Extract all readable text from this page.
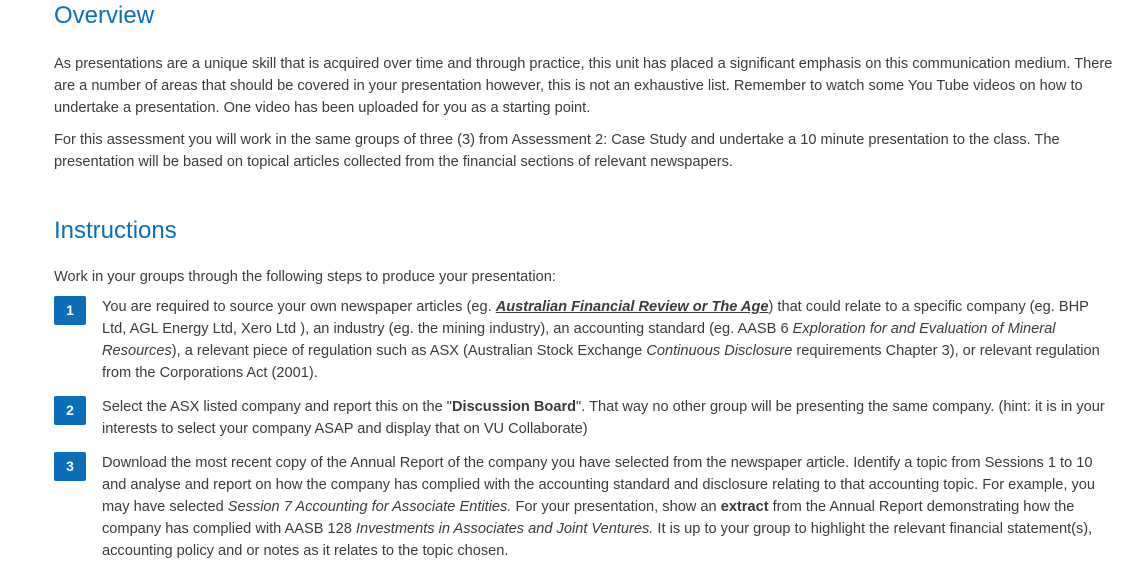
Overview

As presentations are a unique skill that is acquired over time and through practice, this unit has placed a significant emphasis on this communication medium. There are a number of areas that should be covered in your presentation however, this is not an exhaustive list. Remember to watch some You Tube videos on how to undertake a presentation. One video has been uploaded for you as a starting point.

For this assessment you will work in the same groups of three (3) from Assessment 2: Case Study and undertake a 10 minute presentation to the class. The presentation will be based on topical articles collected from the financial sections of relevant newspapers.

Instructions

Work in your groups through the following steps to produce your presentation:

1	You are required to source your own newspaper articles (eg. Australian Financial Review or The Age) that could relate to a specific company (eg. BHP Ltd, AGL Energy Ltd, Xero Ltd ), an industry (eg. the mining industry), an accounting standard (eg. AASB 6 Exploration for and Evaluation of Mineral Resources), a relevant piece of regulation such as ASX (Australian Stock Exchange Continuous Disclosure requirements Chapter 3), or relevant regulation from the Corporations Act (2001).
2	Select the ASX listed company and report this on the "Discussion Board". That way no other group will be presenting the same company. (hint: it is in your interests to select your company ASAP and display that on VU Collaborate)
3	Download the most recent copy of the Annual Report of the company you have selected from the newspaper article. Identify a topic from Sessions 1 to 10 and analyse and report on how the company has complied with the accounting standard and disclosure relating to that accounting topic. For example, you may have selected Session 7 Accounting for Associate Entities. For your presentation, show an extract from the Annual Report demonstrating how the company has complied with AASB 128 Investments in Associates and Joint Ventures. It is up to your group to highlight the relevant financial statement(s), accounting policy and or notes as it relates to the topic chosen.
